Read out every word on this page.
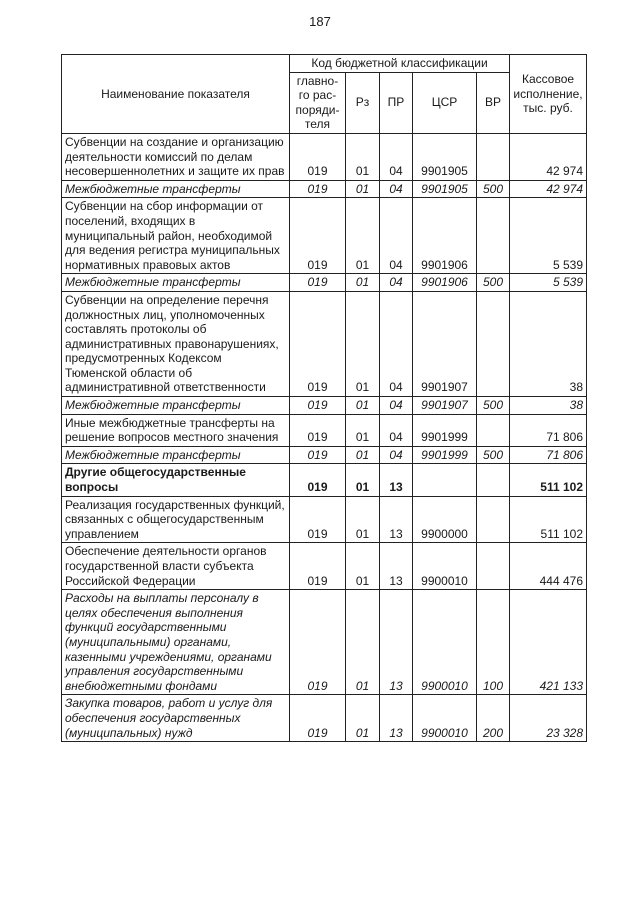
187
Наименование показателя	Код бюджетной классификации					Кассовое исполнение, тыс. руб.
	главно-го рас-поряди-теля	Рз	ПР	ЦСР	ВР	
Субвенции на создание и организацию деятельности комиссий по делам несовершеннолетних и защите их прав	019	01	04	9901905		42 974
Межбюджетные трансферты	019	01	04	9901905	500	42 974
Субвенции на сбор информации от поселений, входящих в муниципальный район, необходимой для ведения регистра муниципальных нормативных правовых актов	019	01	04	9901906		5 539
Межбюджетные трансферты	019	01	04	9901906	500	5 539
Субвенции на определение перечня должностных лиц, уполномоченных составлять протоколы об административных правонарушениях, предусмотренных Кодексом Тюменской области об административной ответственности	019	01	04	9901907		38
Межбюджетные трансферты	019	01	04	9901907	500	38
Иные межбюджетные трансферты на решение вопросов местного значения	019	01	04	9901999		71 806
Межбюджетные трансферты	019	01	04	9901999	500	71 806
Другие общегосударственные вопросы	019	01	13			511 102
Реализация государственных функций, связанных с общегосударственным управлением	019	01	13	9900000		511 102
Обеспечение деятельности органов государственной власти субъекта Российской Федерации	019	01	13	9900010		444 476
Расходы на выплаты персоналу в целях обеспечения выполнения функций государственными (муниципальными) органами, казенными учреждениями, органами управления государственными внебюджетными фондами	019	01	13	9900010	100	421 133
Закупка товаров, работ и услуг для обеспечения государственных (муниципальных) нужд	019	01	13	9900010	200	23 328
